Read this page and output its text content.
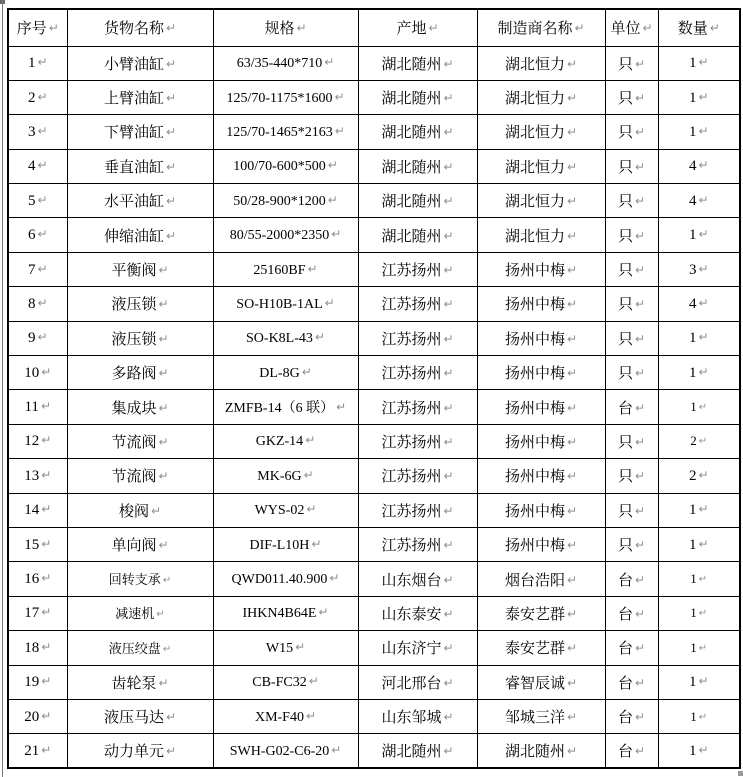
序号 ↵	货物名称 ↵	规格 ↵	产地 ↵	制造商名称 ↵	单位 ↵	数量 ↵
1 ↵	小臂油缸 ↵	63/35-440*710 ↵	湖北随州 ↵	湖北恒力 ↵	只 ↵	1 ↵
2 ↵	上臂油缸 ↵	125/70-1175*1600 ↵	湖北随州 ↵	湖北恒力 ↵	只 ↵	1 ↵
3 ↵	下臂油缸 ↵	125/70-1465*2163 ↵	湖北随州 ↵	湖北恒力 ↵	只 ↵	1 ↵
4 ↵	垂直油缸 ↵	100/70-600*500 ↵	湖北随州 ↵	湖北恒力 ↵	只 ↵	4 ↵
5 ↵	水平油缸 ↵	50/28-900*1200 ↵	湖北随州 ↵	湖北恒力 ↵	只 ↵	4 ↵
6 ↵	伸缩油缸 ↵	80/55-2000*2350 ↵	湖北随州 ↵	湖北恒力 ↵	只 ↵	1 ↵
7 ↵	平衡阀 ↵	25160BF ↵	江苏扬州 ↵	扬州中梅 ↵	只 ↵	3 ↵
8 ↵	液压锁 ↵	SO-H10B-1AL ↵	江苏扬州 ↵	扬州中梅 ↵	只 ↵	4 ↵
9 ↵	液压锁 ↵	SO-K8L-43 ↵	江苏扬州 ↵	扬州中梅 ↵	只 ↵	1 ↵
10 ↵	多路阀 ↵	DL-8G ↵	江苏扬州 ↵	扬州中梅 ↵	只 ↵	1 ↵
11 ↵	集成块 ↵	ZMFB-14（6 联） ↵	江苏扬州 ↵	扬州中梅 ↵	台 ↵	1 ↵
12 ↵	节流阀 ↵	GKZ-14 ↵	江苏扬州 ↵	扬州中梅 ↵	只 ↵	2 ↵
13 ↵	节流阀 ↵	MK-6G ↵	江苏扬州 ↵	扬州中梅 ↵	只 ↵	2 ↵
14 ↵	梭阀 ↵	WYS-02 ↵	江苏扬州 ↵	扬州中梅 ↵	只 ↵	1 ↵
15 ↵	单向阀 ↵	DIF-L10H ↵	江苏扬州 ↵	扬州中梅 ↵	只 ↵	1 ↵
16 ↵	回转支承 ↵	QWD011.40.900 ↵	山东烟台 ↵	烟台浩阳 ↵	台 ↵	1 ↵
17 ↵	减速机 ↵	IHKN4B64E ↵	山东泰安 ↵	泰安艺群 ↵	台 ↵	1 ↵
18 ↵	液压绞盘 ↵	W15 ↵	山东济宁 ↵	泰安艺群 ↵	台 ↵	1 ↵
19 ↵	齿轮泵 ↵	CB-FC32 ↵	河北邢台 ↵	睿智辰诚 ↵	台 ↵	1 ↵
20 ↵	液压马达 ↵	XM-F40 ↵	山东邹城 ↵	邹城三洋 ↵	台 ↵	1 ↵
21 ↵	动力单元 ↵	SWH-G02-C6-20 ↵	湖北随州 ↵	湖北随州 ↵	台 ↵	1 ↵
